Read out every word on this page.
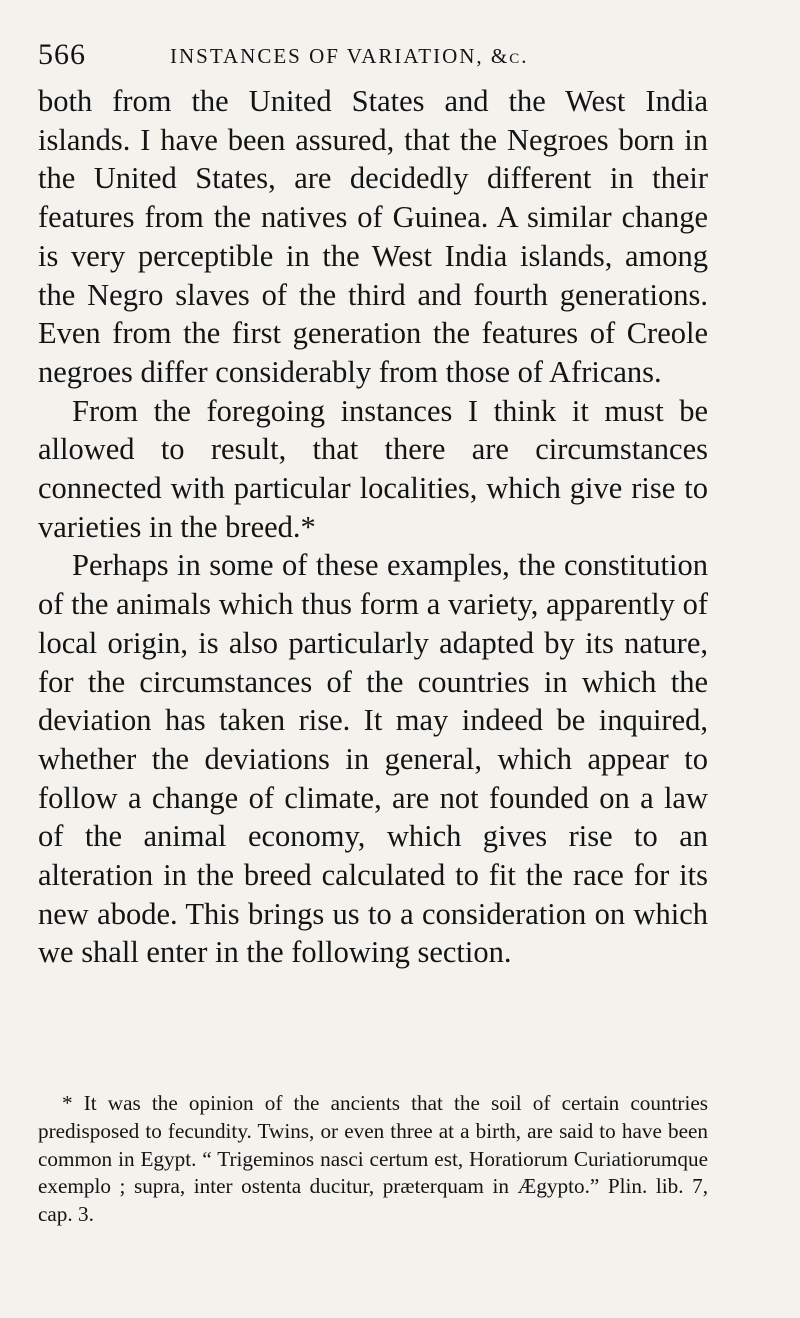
566	INSTANCES OF VARIATION, &c.

both from the United States and the West India islands. I have been assured, that the Negroes born in the United States, are decidedly different in their features from the natives of Guinea. A similar change is very perceptible in the West India islands, among the Negro slaves of the third and fourth generations. Even from the first generation the features of Creole negroes differ considerably from those of Africans.

From the foregoing instances I think it must be allowed to result, that there are circumstances connected with particular localities, which give rise to varieties in the breed.*

Perhaps in some of these examples, the constitution of the animals which thus form a variety, apparently of local origin, is also particularly adapted by its nature, for the circumstances of the countries in which the deviation has taken rise. It may indeed be inquired, whether the deviations in general, which appear to follow a change of climate, are not founded on a law of the animal economy, which gives rise to an alteration in the breed calculated to fit the race for its new abode. This brings us to a consideration on which we shall enter in the following section.

* It was the opinion of the ancients that the soil of certain countries predisposed to fecundity. Twins, or even three at a birth, are said to have been common in Egypt. “ Trigeminos nasci certum est, Horatiorum Curiatiorumque exemplo ; supra, inter ostenta ducitur, præterquam in Ægypto.” Plin. lib. 7, cap. 3.
